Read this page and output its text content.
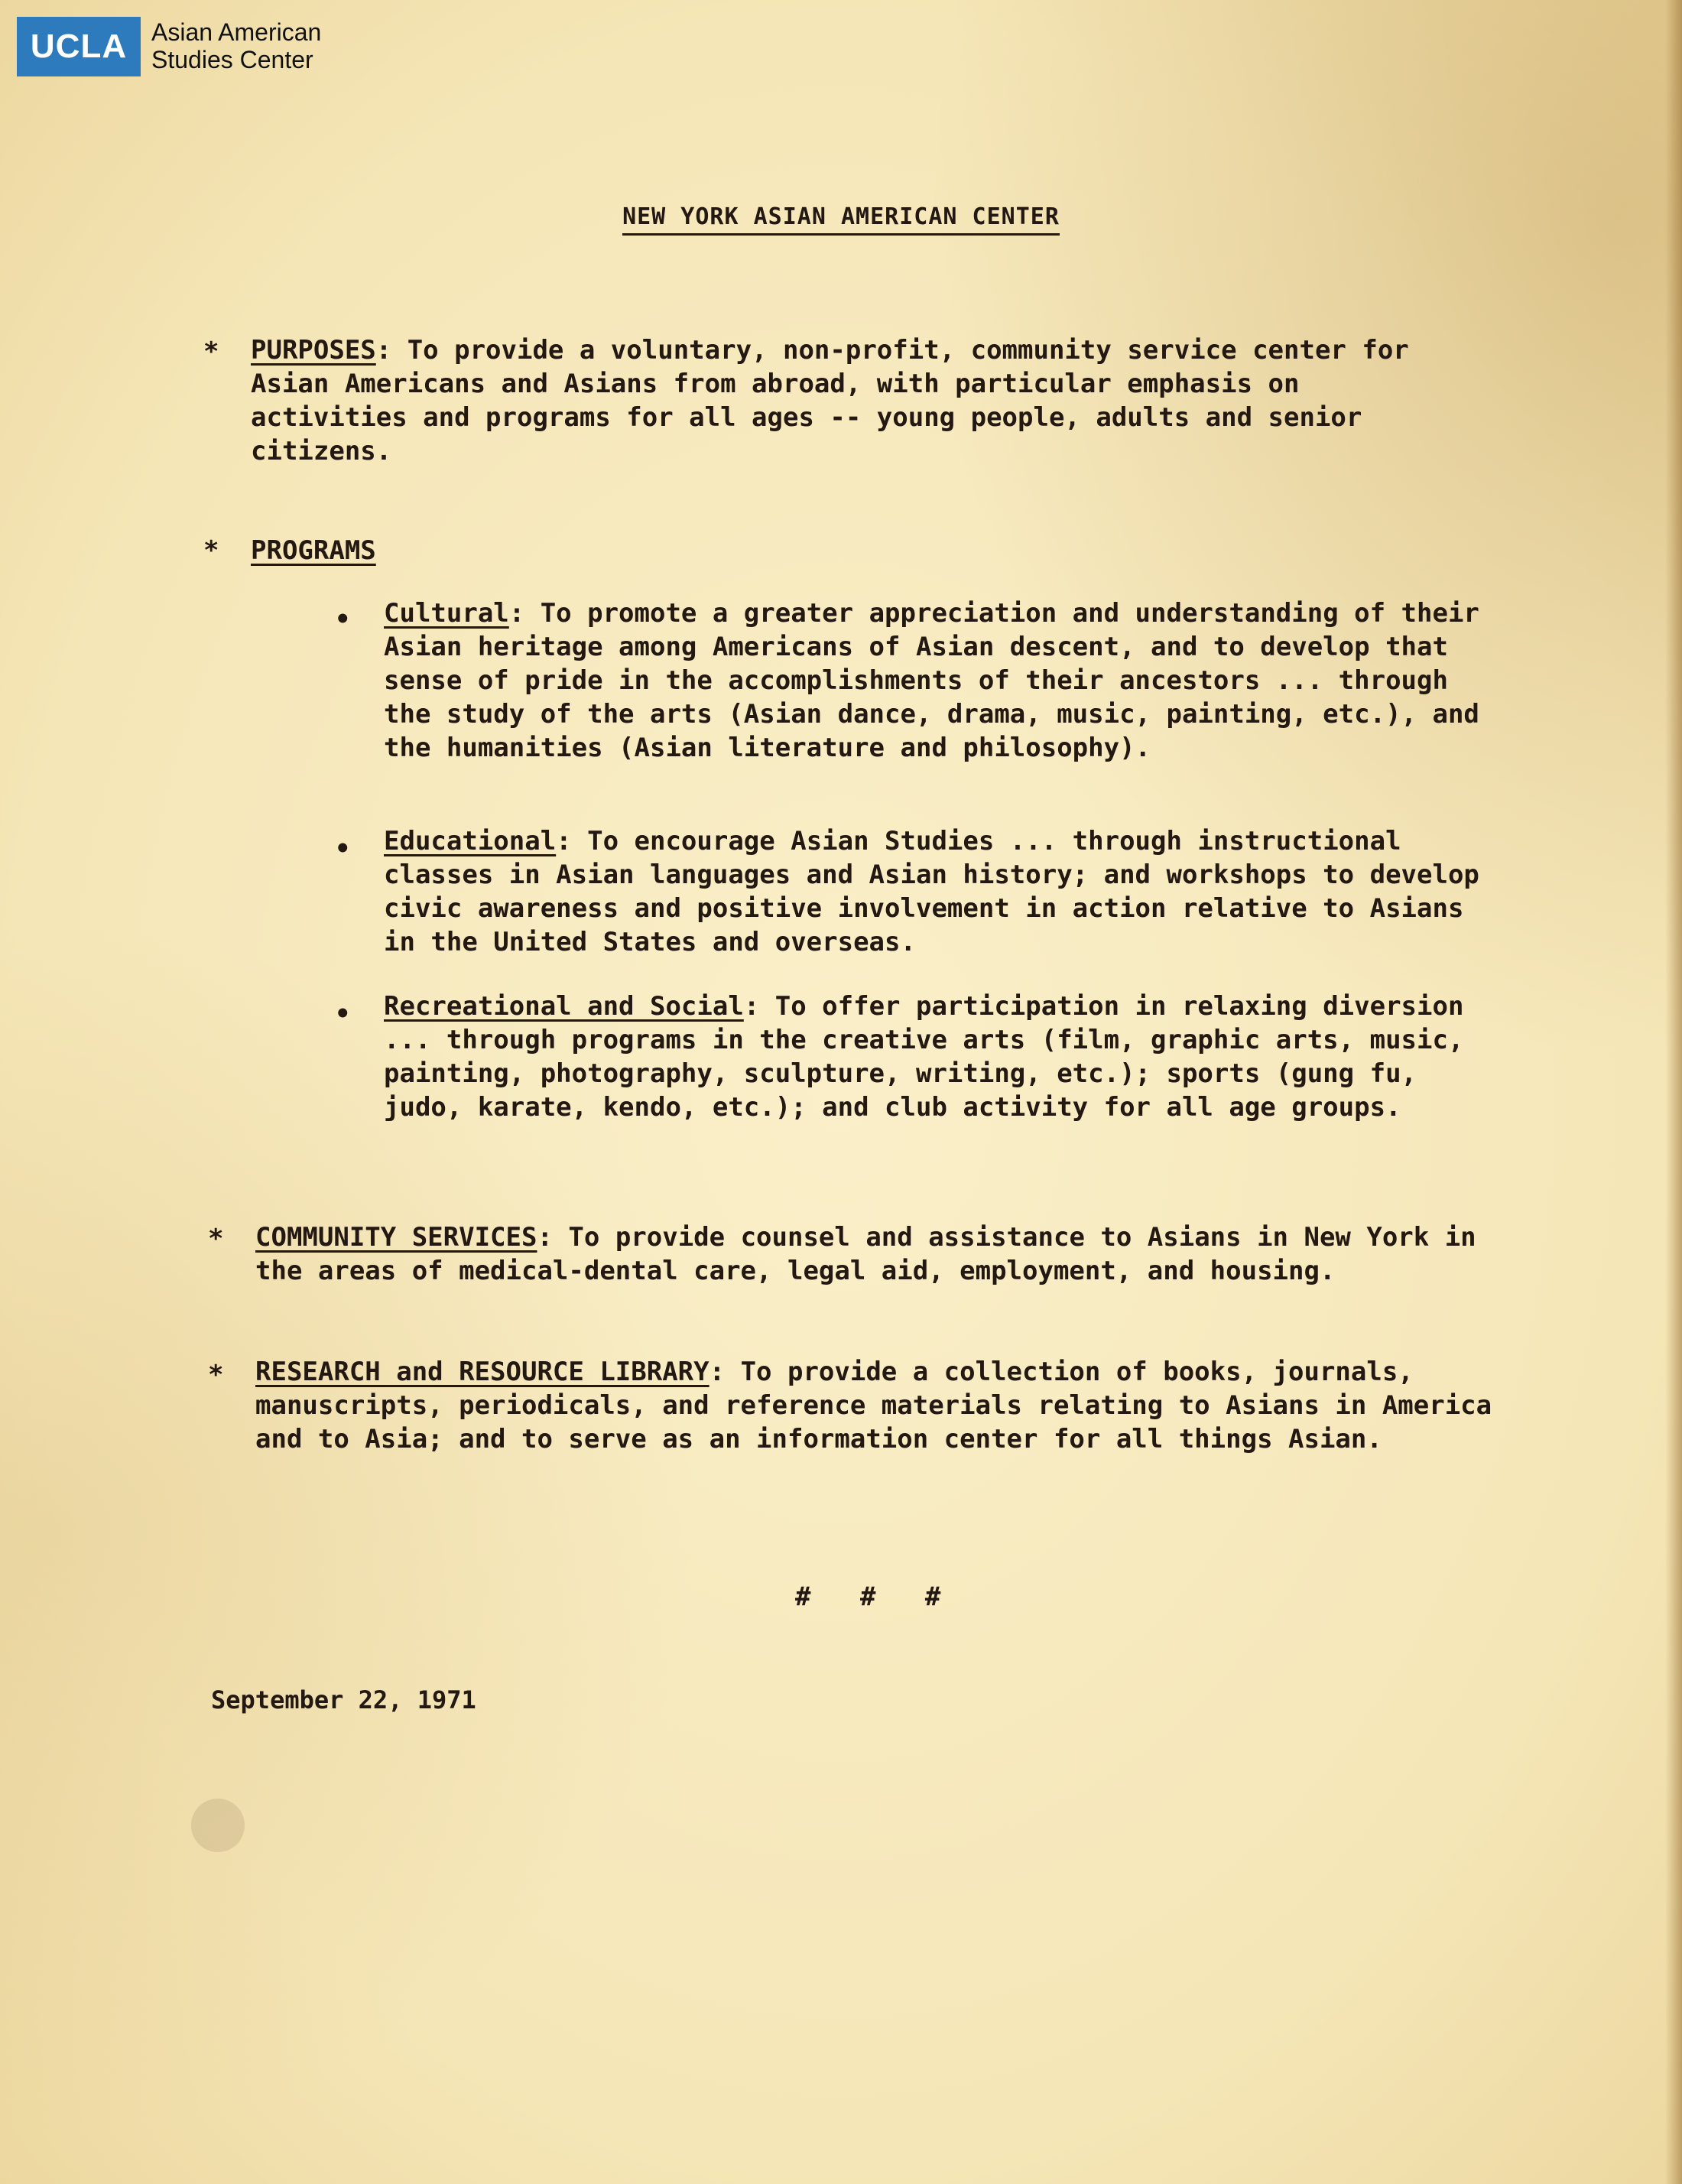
UCLA Asian American
Studies Center
NEW YORK ASIAN AMERICAN CENTER
* PURPOSES: To provide a voluntary, non-profit, community service center for Asian Americans and Asians from abroad, with particular emphasis on activities and programs for all ages -- young people, adults and senior citizens.

* PROGRAMS
• Cultural: To promote a greater appreciation and understanding of their Asian heritage among Americans of Asian descent, and to develop that sense of pride in the accomplishments of their ancestors ... through the study of the arts (Asian dance, drama, music, painting, etc.), and the humanities (Asian literature and philosophy).

• Educational: To encourage Asian Studies ... through instructional classes in Asian languages and Asian history; and workshops to develop civic awareness and positive involvement in action relative to Asians in the United States and overseas.

• Recreational and Social: To offer participation in relaxing diversion ... through programs in the creative arts (film, graphic arts, music, painting, photography, sculpture, writing, etc.); sports (gung fu, judo, karate, kendo, etc.); and club activity for all age groups.

* COMMUNITY SERVICES: To provide counsel and assistance to Asians in New York in the areas of medical-dental care, legal aid, employment, and housing.

* RESEARCH and RESOURCE LIBRARY: To provide a collection of books, journals, manuscripts, periodicals, and reference materials relating to Asians in America and to Asia; and to serve as an information center for all things Asian.

# # #
September 22, 1971
